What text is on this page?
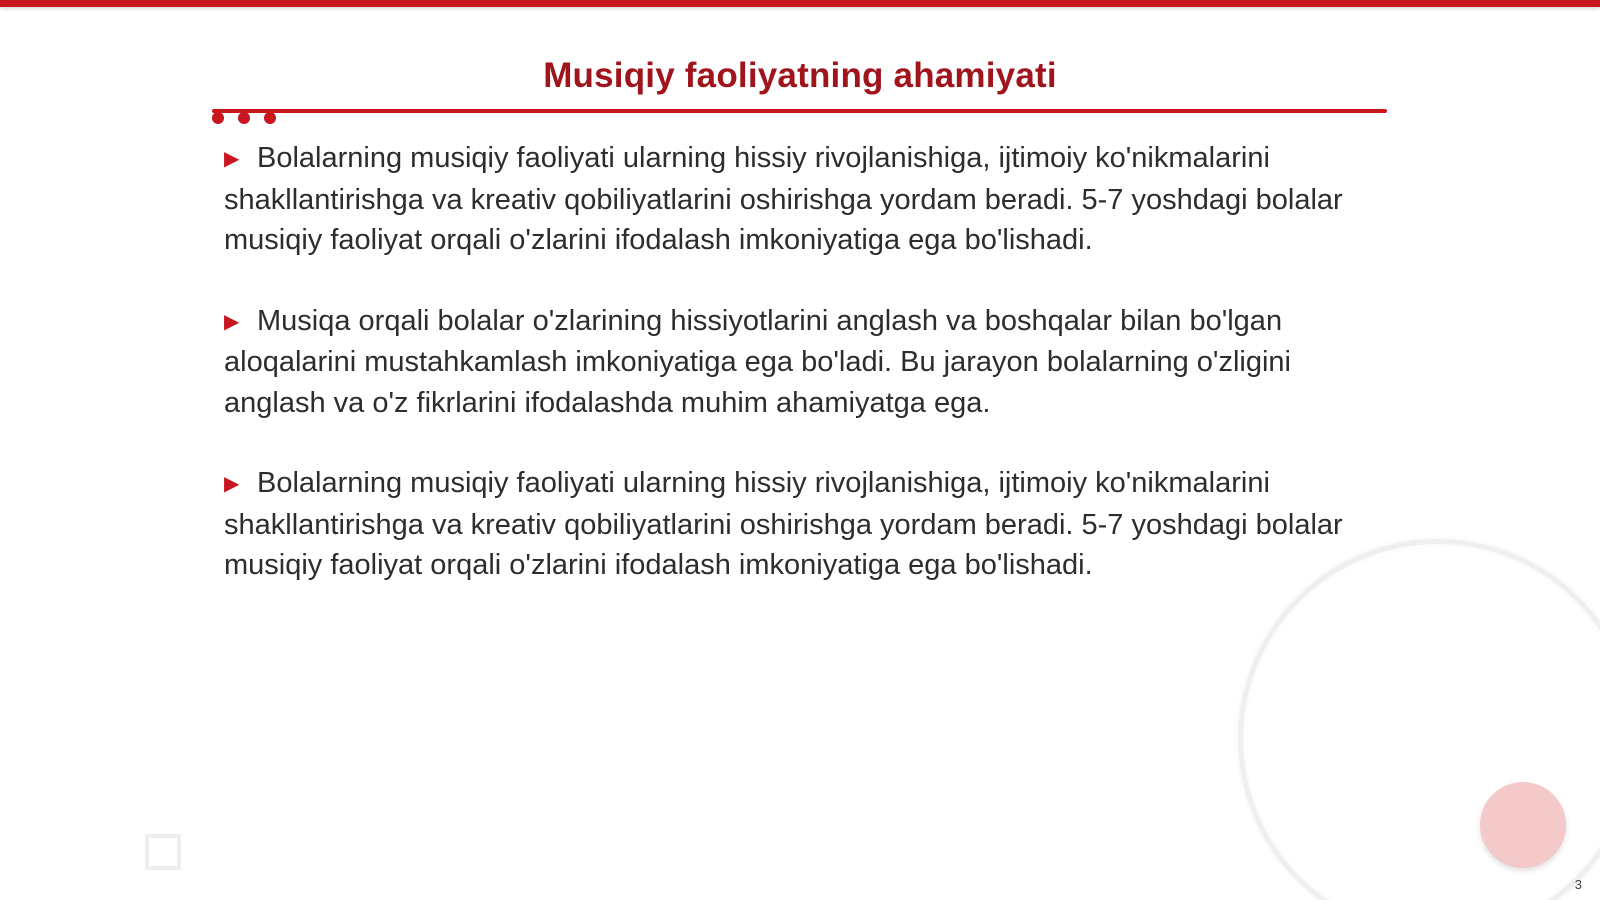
Musiqiy faoliyatning ahamiyati

▶ Bolalarning musiqiy faoliyati ularning hissiy rivojlanishiga, ijtimoiy ko'nikmalarini shakllantirishga va kreativ qobiliyatlarini oshirishga yordam beradi. 5-7 yoshdagi bolalar musiqiy faoliyat orqali o'zlarini ifodalash imkoniyatiga ega bo'lishadi.

▶ Musiqa orqali bolalar o'zlarining hissiyotlarini anglash va boshqalar bilan bo'lgan aloqalarini mustahkamlash imkoniyatiga ega bo'ladi. Bu jarayon bolalarning o'zligini anglash va o'z fikrlarini ifodalashda muhim ahamiyatga ega.

▶ Bolalarning musiqiy faoliyati ularning hissiy rivojlanishiga, ijtimoiy ko'nikmalarini shakllantirishga va kreativ qobiliyatlarini oshirishga yordam beradi. 5-7 yoshdagi bolalar musiqiy faoliyat orqali o'zlarini ifodalash imkoniyatiga ega bo'lishadi.

3
